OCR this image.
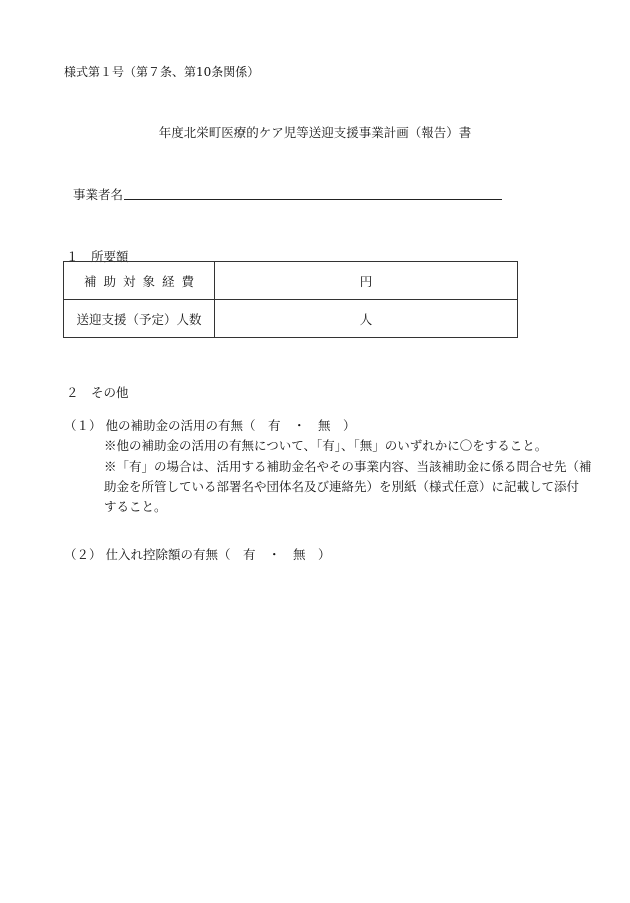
様式第１号（第７条、第10条関係）
年度北栄町医療的ケア児等送迎支援事業計画（報告）書
事業者名
１　所要額
補助対象経費	円
送迎支援（予定）人数	人
２　その他
（１） 他の補助金の活用の有無（　有　・　無　）
※他の補助金の活用の有無について、「有」、「無」のいずれかに〇をすること。
※「有」の場合は、活用する補助金名やその事業内容、当該補助金に係る問合せ先（補
助金を所管している部署名や団体名及び連絡先）を別紙（様式任意）に記載して添付
すること。
（２） 仕入れ控除額の有無（　有　・　無　）
